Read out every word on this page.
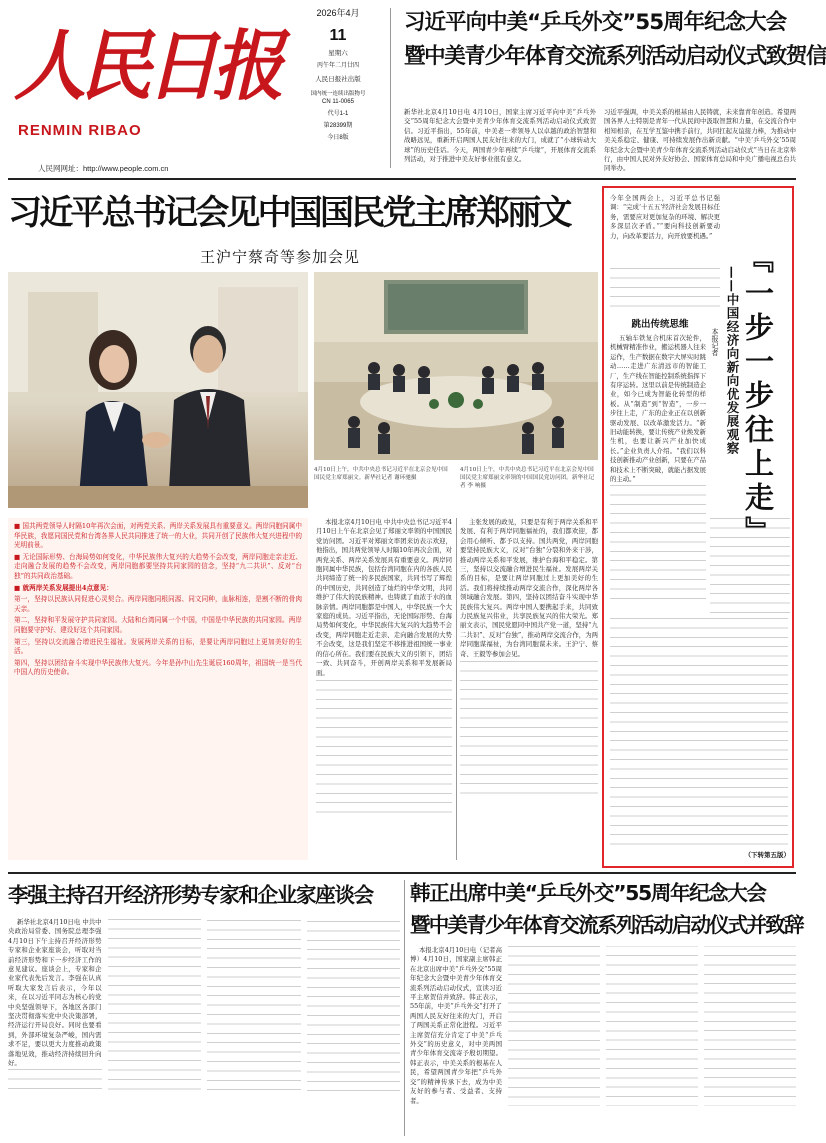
人民日报
RENMIN RIBAO
人民网网址：http://www.people.com.cn
2026年4月
11
星期六
丙午年二月廿四
人民日报社出版
国内统一连续出版物号
CN 11-0065
代号1-1
第28399期
今日8版
习近平向中美“乒乓外交”55周年纪念大会
暨中美青少年体育交流系列活动启动仪式致贺信
新华社北京4月10日电 4月10日，国家主席习近平向中美“乒乓外交”55周年纪念大会暨中美青少年体育交流系列活动启动仪式致贺信。习近平指出，55年前，中美老一辈领导人以卓越的政治智慧和战略远见，重新开启两国人民友好往来的大门，成就了“小球转动大球”的历史佳话。今天，两国青少年再续“乒乓缘”，开展体育交流系列活动，对于推进中美友好事业很有意义。
习近平强调，中美关系的根基由人民铸就，未来靠青年创造。希望两国各界人士特别是青年一代从民间中汲取智慧和力量，在交流合作中相知相亲，在互学互鉴中携手前行，共同扛起友谊接力棒，为推动中美关系稳定、健康、可持续发展作出新贡献。“中美‘乒乓外交’55周年纪念大会暨中美青少年体育交流系列活动启动仪式”当日在北京举行，由中国人民对外友好协会、国家体育总局和中央广播电视总台共同举办。
习近平总书记会见中国国民党主席郑丽文
王沪宁蔡奇等参加会见
4月10日上午，中共中央总书记习近平在北京会见中国国民党主席郑丽文。新华社记者 谢环驰摄
4月10日上午，中共中央总书记习近平在北京会见中国国民党主席郑丽文率领的中国国民党访问团。新华社记者 李 响摄

■ 国共两党领导人时隔10年再次会面，对两党关系、两岸关系发展具有重要意义。两岸同胞同属中华民族，我愿同国民党和台湾各界人民共同推进了统一的大业，共同开创了民族伟大复兴进程中的光明前景。

■ 无论国际形势、台海局势如何变化，中华民族伟大复兴的大趋势不会改变，两岸同胞走亲走近、走向融合发展的趋势不会改变，两岸同胞都要坚持共同家园的信念，坚持“九二共识”、反对“台独”的共同政治基础。

■ 就两岸关系发展提出4点意见：

第一，坚持以民族认同促进心灵契合。两岸同胞同根同源、同文同种，血脉相连，是割不断的骨肉天亲。

第二，坚持和平发展守护共同家园。大陆和台湾同属一个中国，中国是中华民族的共同家园。两岸同胞要守护好、建设好这个共同家园。

第三，坚持以交流融合增进民生福祉。发展两岸关系的目标，是要让两岸同胞过上更加美好的生活。

第四，坚持以团结奋斗实现中华民族伟大复兴。今年是孙中山先生诞辰160周年，祖国统一是当代中国人的历史使命。

本报北京4月10日电 中共中央总书记习近平4月10日上午在北京会见了郑丽文率领的中国国民党访问团。习近平对郑丽文率团来访表示欢迎，他指出，国共两党领导人时隔10年再次会面，对两党关系、两岸关系发展具有重要意义。两岸同胞同属中华民族，包括台湾同胞在内的各族人民共同缔造了统一的多民族国家，共同书写了辉煌的中国历史，共同创造了灿烂的中华文明，共同维护了伟大的民族精神。也铸就了血浓于水的血脉亲情。两岸同胞都是中国人，中华民族一个大家庭的成员。习近平指出，无论国际形势、台海局势如何变化，中华民族伟大复兴的大趋势不会改变，两岸同胞走近走亲、走向融合发展的大势不会改变，这是我们坚定不移推进祖国统一事业的信心所在。我们要在民族大义的引领下，团结一致、共同奋斗，开创两岸关系和平发展新局面。

主张发展的政见，只要是有利于两岸关系和平发展、有利于两岸同胞福祉的，我们都欢迎，都会用心倾听、都予以支持。国共两党，两岸同胞要坚持民族大义，反对“台独”分裂和外来干涉，推动两岸关系和平发展，维护台海和平稳定。第三，坚持以交流融合增进民生福祉。发展两岸关系的目标，是要让两岸同胞过上更加美好的生活。我们将持续推动两岸交流合作，深化两岸各领域融合发展。第四，坚持以团结奋斗实现中华民族伟大复兴。两岸中国人要携起手来，共同致力民族复兴伟业，共享民族复兴的伟大荣光。郑丽文表示，国民党愿同中国共产党一道，坚持“九二共识”、反对“台独”，推动两岸交流合作，为两岸同胞谋福祉，为台湾同胞谋未来。王沪宁、蔡奇、王毅等参加会见。

今年全国两会上，习近平总书记强调：“完成‘十五五’经济社会发展目标任务，需要应对更加复杂的环境、解决更多深层次矛盾。”“要向科技创新要动力，向改革要活力，向开放要机遇。”
『一步一步往上走』
——中国经济向新向优发展观察
本报记者
跳出传统思维

五轴车铁复合机床首次轮件，机械臂精准作业，搬运机器人往来运作，生产数据在数字大屏实时跳动……走进广东清远市的智能工厂，生产线在智能控制系统指挥下有序运转。这里以前是传统制造企业，如今已成为智能化转型的样板。从“制造”到“智造”，一步一步往上走，广东的企业正在以创新驱动发展、以改革激发活力。“新旧动能转换，要让传统产业焕发新生机，也要让新兴产业加快成长。”企业负责人介绍。“我们以科技创新推动产业创新，只要在产品和技术上不断突破，就能占据发展的主动。”

（下转第五版）
李强主持召开经济形势专家和企业家座谈会

新华社北京4月10日电 中共中央政治局常委、国务院总理李强4月10日下午主持召开经济形势专家和企业家座谈会，听取对当前经济形势和下一步经济工作的意见建议。座谈会上，专家和企业家代表先后发言。李强在认真听取大家发言后表示，今年以来，在以习近平同志为核心的党中央坚强领导下，各地区各部门坚决贯彻落实党中央决策部署，经济运行开局良好。同时也要看到，外部环境复杂严峻，国内需求不足，要以更大力度推动政策落地见效，推动经济持续回升向好。

韩正出席中美“乒乓外交”55周年纪念大会
暨中美青少年体育交流系列活动启动仪式并致辞

本报北京4月10日电（记者高博）4月10日，国家副主席韩正在北京出席中美“乒乓外交”55周年纪念大会暨中美青少年体育交流系列活动启动仪式，宣读习近平主席贺信并致辞。韩正表示，55年前，中美“乒乓外交”打开了两国人民友好往来的大门，开启了两国关系正常化进程。习近平主席贺信充分肯定了中美“乒乓外交”的历史意义，对中美两国青少年体育交流寄予殷切期望。韩正表示，中美关系的根基在人民，希望两国青少年把“乒乓外交”的精神传承下去，成为中美友好的参与者、受益者、支持者。
